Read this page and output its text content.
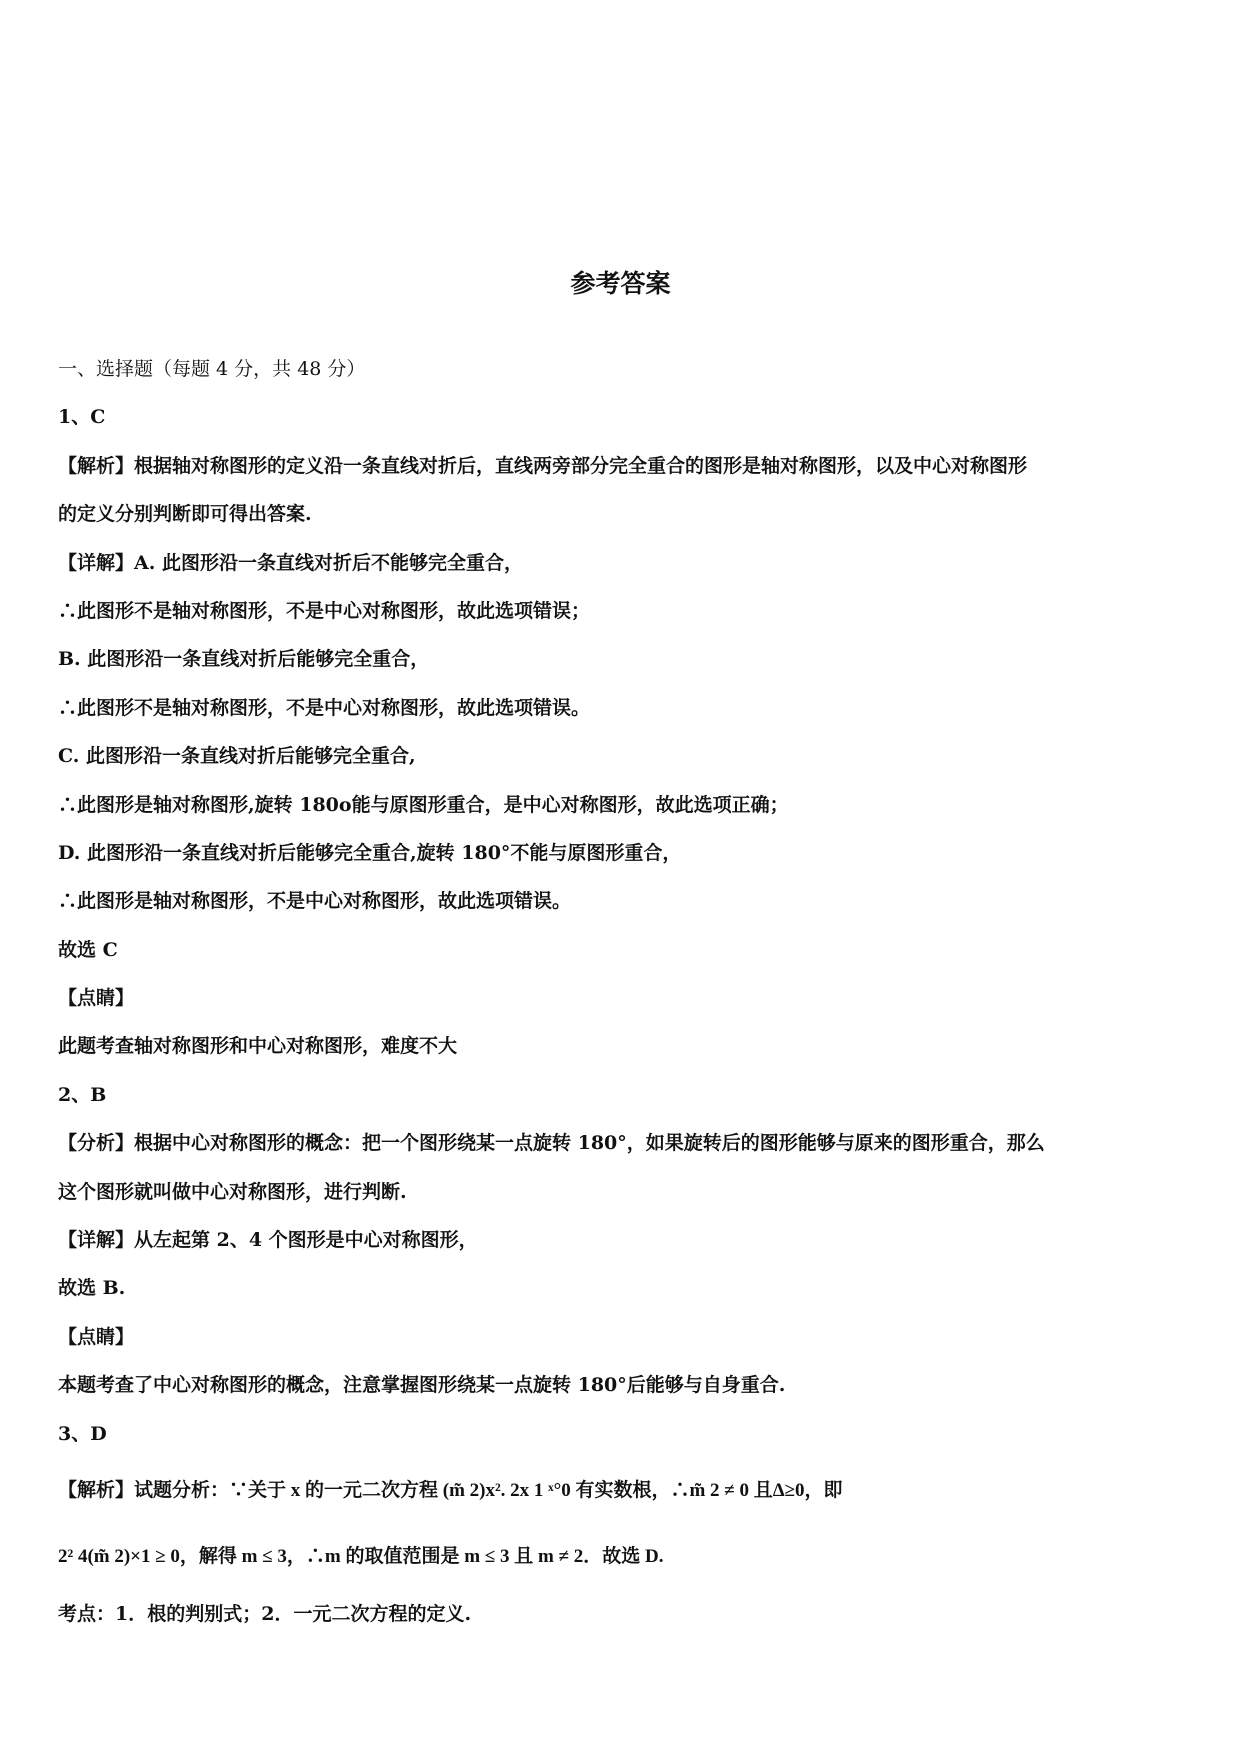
参考答案
一、选择题（每题 4 分，共 48 分）
1、C
【解析】根据轴对称图形的定义沿一条直线对折后，直线两旁部分完全重合的图形是轴对称图形，以及中心对称图形
的定义分别判断即可得出答案.
【详解】A. 此图形沿一条直线对折后不能够完全重合，
∴此图形不是轴对称图形，不是中心对称图形，故此选项错误；
B. 此图形沿一条直线对折后能够完全重合，
∴此图形不是轴对称图形，不是中心对称图形，故此选项错误。
C. 此图形沿一条直线对折后能够完全重合,
∴此图形是轴对称图形,旋转 180o能与原图形重合，是中心对称图形，故此选项正确；
D. 此图形沿一条直线对折后能够完全重合,旋转 180°不能与原图形重合，
∴此图形是轴对称图形，不是中心对称图形，故此选项错误。
故选 C
【点睛】
此题考查轴对称图形和中心对称图形，难度不大
2、B
【分析】根据中心对称图形的概念：把一个图形绕某一点旋转 180°，如果旋转后的图形能够与原来的图形重合，那么
这个图形就叫做中心对称图形，进行判断.
【详解】从左起第 2、4 个图形是中心对称图形，
故选 B.
【点睛】
本题考查了中心对称图形的概念，注意掌握图形绕某一点旋转 180°后能够与自身重合.
3、D
【解析】试题分析：∵关于 x 的一元二次方程 (m̃ 2)x². 2x 1 ˣ°0 有实数根，∴m̃ 2 ≠ 0 且Δ≥0，即
2² 4(m̃ 2)×1 ≥ 0，解得 m ≤ 3，∴m 的取值范围是 m ≤ 3 且 m ≠ 2．故选 D.
考点：1．根的判别式；2．一元二次方程的定义.
